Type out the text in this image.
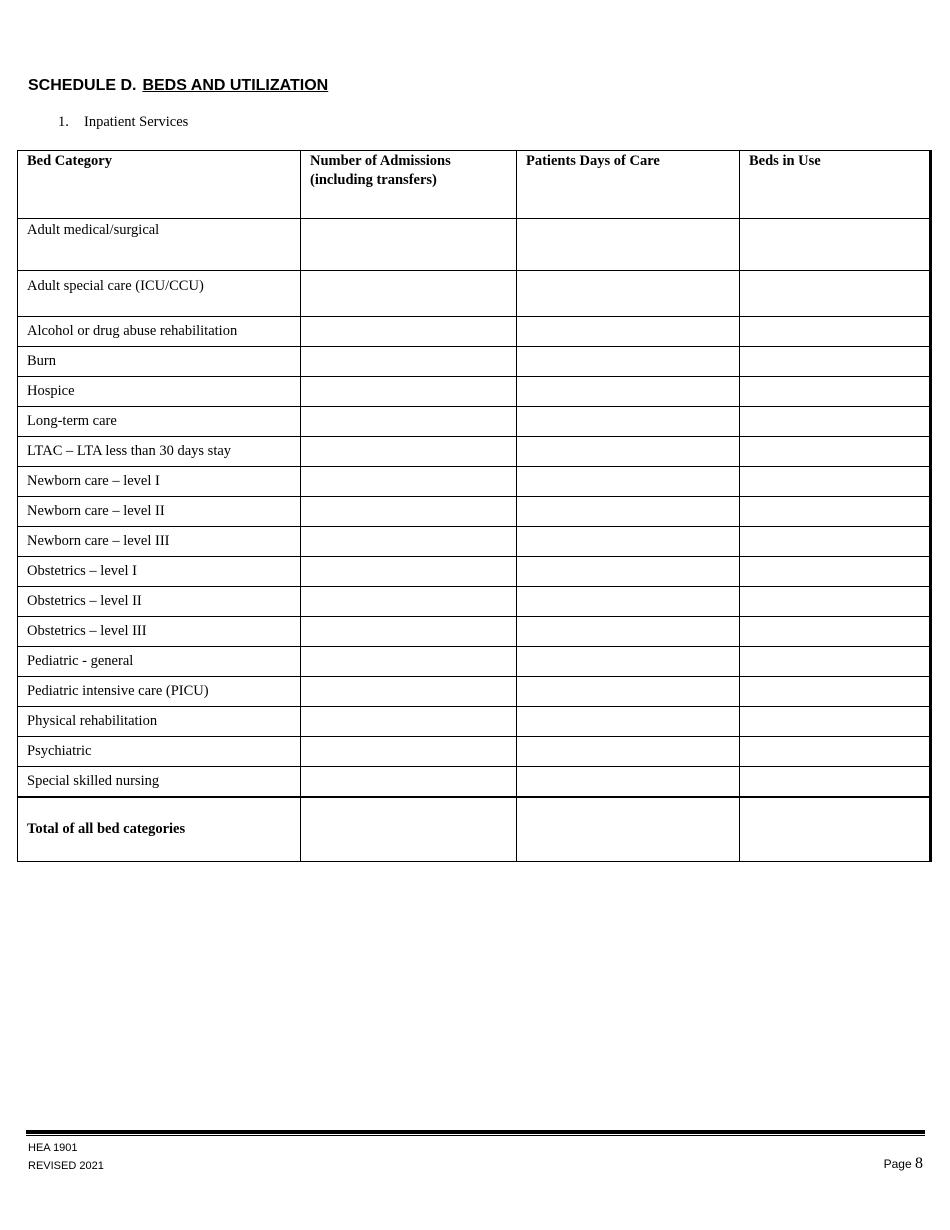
SCHEDULE D. BEDS AND UTILIZATION
1. Inpatient Services
Bed Category	Number of Admissions (including transfers)	Patients Days of Care	Beds in Use
Adult medical/surgical			
Adult special care (ICU/CCU)			
Alcohol or drug abuse rehabilitation			
Burn			
Hospice			
Long-term care			
LTAC – LTA less than 30 days stay			
Newborn care – level I			
Newborn care – level II			
Newborn care – level III			
Obstetrics – level I			
Obstetrics – level II			
Obstetrics – level III			
Pediatric - general			
Pediatric intensive care (PICU)			
Physical rehabilitation			
Psychiatric			
Special skilled nursing			
Total of all bed categories			
HEA 1901
REVISED 2021	Page 8
